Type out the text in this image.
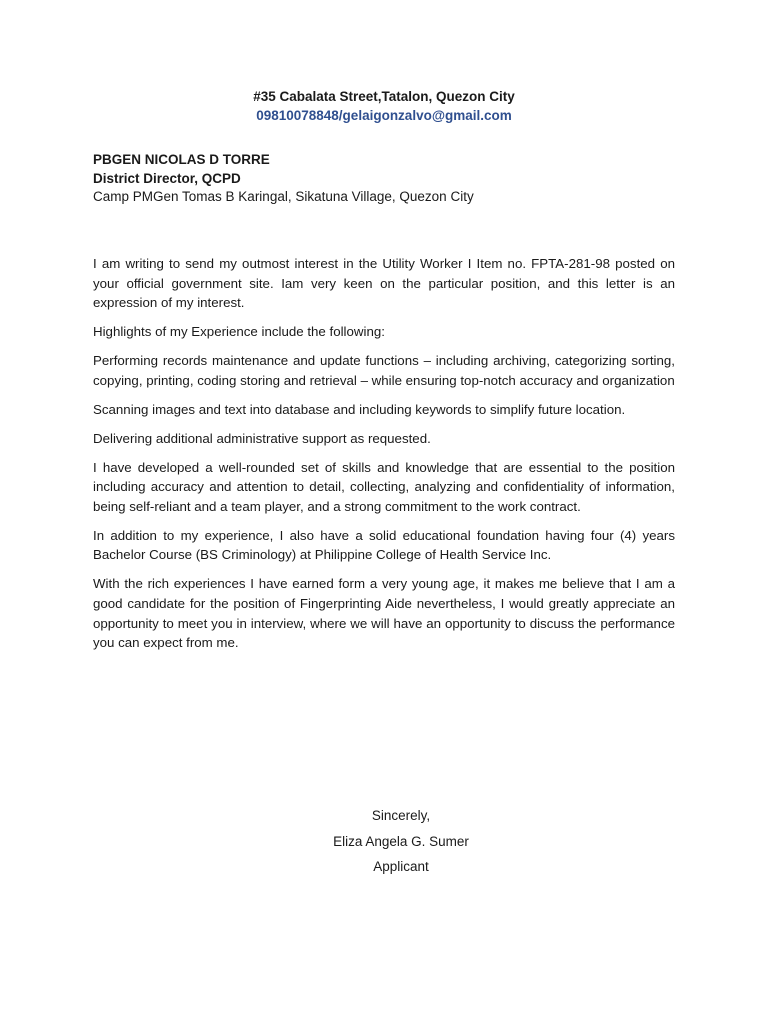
#35 Cabalata Street,Tatalon, Quezon City
09810078848/gelaigonzalvo@gmail.com
PBGEN NICOLAS D TORRE
District Director, QCPD
Camp PMGen Tomas B Karingal, Sikatuna Village, Quezon City

I am writing to send my outmost interest in the Utility Worker I Item no. FPTA-281-98 posted on your official government site. Iam very keen on the particular position, and this letter is an expression of my interest.

Highlights of my Experience include the following:

Performing records maintenance and update functions – including archiving, categorizing sorting, copying, printing, coding storing and retrieval – while ensuring top-notch accuracy and organization

Scanning images and text into database and including keywords to simplify future location.

Delivering additional administrative support as requested.

I have developed a well-rounded set of skills and knowledge that are essential to the position including accuracy and attention to detail, collecting, analyzing and confidentiality of information, being self-reliant and a team player, and a strong commitment to the work contract.

In addition to my experience, I also have a solid educational foundation having four (4) years Bachelor Course (BS Criminology) at Philippine College of Health Service Inc.

With the rich experiences I have earned form a very young age, it makes me believe that I am a good candidate for the position of Fingerprinting Aide nevertheless, I would greatly appreciate an opportunity to meet you in interview, where we will have an opportunity to discuss the performance you can expect from me.

Sincerely,
Eliza Angela G. Sumer
Applicant
